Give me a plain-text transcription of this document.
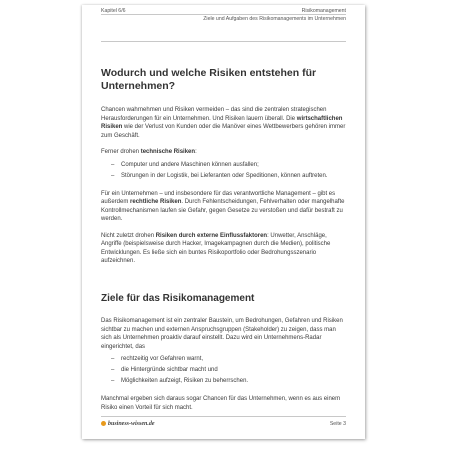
Kapitel 6/6	Risikomanagement
Ziele und Aufgaben des Risikomanagements im Unternehmen
Wodurch und welche Risiken entstehen für Unternehmen?

Chancen wahrnehmen und Risiken vermeiden – das sind die zentralen strategischen Herausforderungen für ein Unternehmen. Und Risiken lauern überall. Die wirtschaftlichen Risiken wie der Verlust von Kunden oder die Manöver eines Wettbewerbers gehören immer zum Geschäft.

Ferner drohen technische Risiken:

– Computer und andere Maschinen können ausfallen;
– Störungen in der Logistik, bei Lieferanten oder Speditionen, können auftreten.

Für ein Unternehmen – und insbesondere für das verantwortliche Management – gibt es außerdem rechtliche Risiken. Durch Fehlentscheidungen, Fehlverhalten oder mangelhafte Kontrollmechanismen laufen sie Gefahr, gegen Gesetze zu verstoßen und dafür bestraft zu werden.

Nicht zuletzt drohen Risiken durch externe Einflussfaktoren: Unwetter, Anschläge, Angriffe (beispielsweise durch Hacker, Imagekampagnen durch die Medien), politische Entwicklungen. Es ließe sich ein buntes Risikoportfolio oder Bedrohungsszenario aufzeichnen.

Ziele für das Risikomanagement

Das Risikomanagement ist ein zentraler Baustein, um Bedrohungen, Gefahren und Risiken sichtbar zu machen und externen Anspruchsgruppen (Stakeholder) zu zeigen, dass man sich als Unternehmen proaktiv darauf einstellt. Dazu wird ein Unternehmens-Radar eingerichtet, das

– rechtzeitig vor Gefahren warnt,
– die Hintergründe sichtbar macht und
– Möglichkeiten aufzeigt, Risiken zu beherrschen.

Manchmal ergeben sich daraus sogar Chancen für das Unternehmen, wenn es aus einem Risiko einen Vorteil für sich macht.

business-wissen.de	Seite 3
